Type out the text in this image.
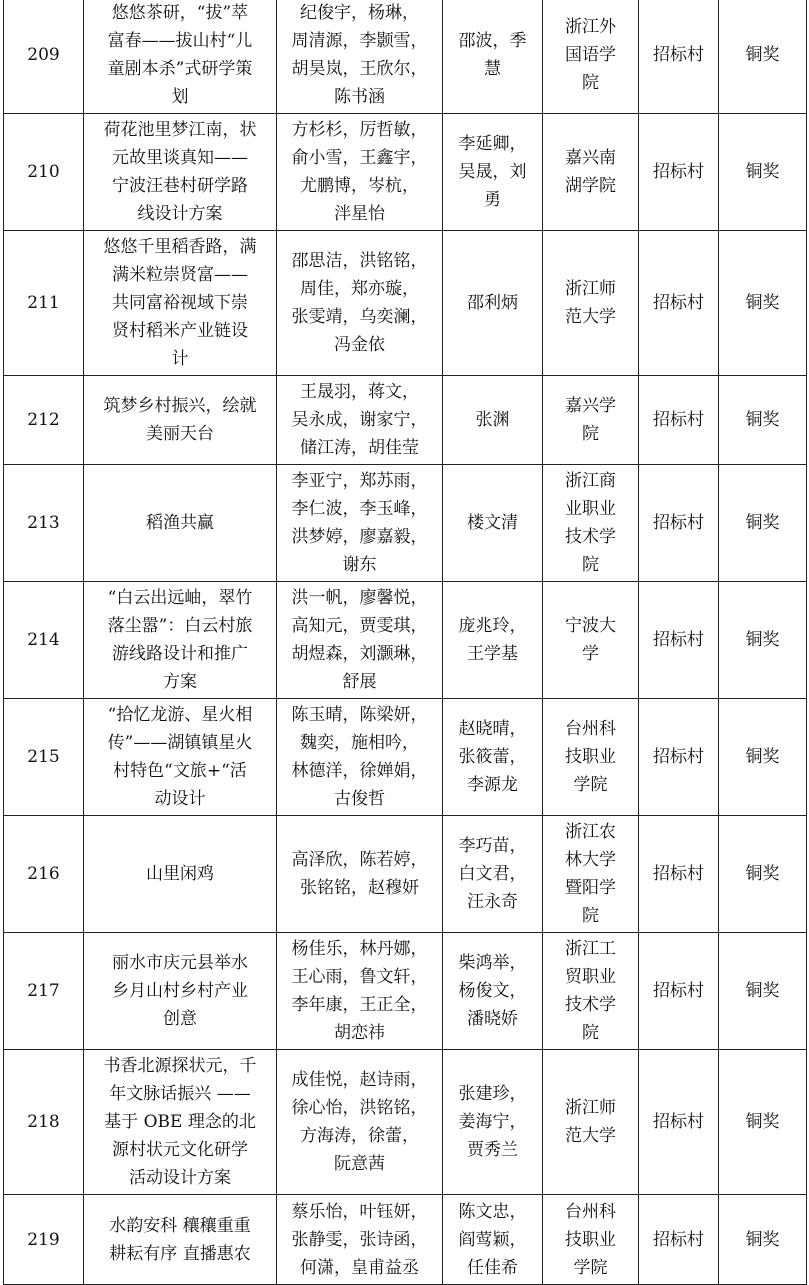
209	悠悠茶研，“拔”萃
富春——拔山村“儿
童剧本杀”式研学策
划	纪俊宇，杨琳，
周清源，李颢雪，
胡昊岚，王欣尔，
陈书涵	邵波，季
慧	浙江外
国语学
院	招标村	铜奖
210	荷花池里梦江南，状
元故里谈真知——
宁波汪巷村研学路
线设计方案	方杉杉，厉哲敏，
俞小雪，王鑫宇，
尤鹏博，岑杭，
泮星怡	李延卿，
吴晟，刘
勇	嘉兴南
湖学院	招标村	铜奖
211	悠悠千里稻香路，满
满米粒崇贤富——
共同富裕视域下崇
贤村稻米产业链设
计	邵思洁，洪铭铭，
周佳，郑亦璇，
张雯靖，乌奕澜，
冯金依	邵利炳	浙江师
范大学	招标村	铜奖
212	筑梦乡村振兴，绘就
美丽天台	王晟羽，蒋文，
吴永成，谢家宁，
储江涛，胡佳莹	张渊	嘉兴学
院	招标村	铜奖
213	稻渔共赢	李亚宁，郑苏雨，
李仁波，李玉峰，
洪梦婷，廖嘉毅，
谢东	楼文清	浙江商
业职业
技术学
院	招标村	铜奖
214	“白云出远岫，翠竹
落尘嚣”：白云村旅
游线路设计和推广
方案	洪一帆，廖馨悦，
高知元，贾雯琪，
胡煜森，刘灏琳，
舒展	庞兆玲，
王学基	宁波大
学	招标村	铜奖
215	“拾忆龙游、星火相
传”——湖镇镇星火
村特色“文旅+“活
动设计	陈玉晴，陈梁妍，
魏奕，施相吟，
林德洋，徐婵娟，
古俊哲	赵晓晴，
张筱蕾，
李源龙	台州科
技职业
学院	招标村	铜奖
216	山里闲鸡	高泽欣，陈若婷，
张铭铭，赵穆妍	李巧苗，
白文君，
汪永奇	浙江农
林大学
暨阳学
院	招标村	铜奖
217	丽水市庆元县举水
乡月山村乡村产业
创意	杨佳乐，林丹娜，
王心雨，鲁文轩，
李年康，王正全，
胡恋祎	柴鸿举，
杨俊文，
潘晓娇	浙江工
贸职业
技术学
院	招标村	铜奖
218	书香北源探状元，千
年文脉话振兴 ——
基于 OBE 理念的北
源村状元文化研学
活动设计方案	成佳悦，赵诗雨，
徐心怡，洪铭铭，
方海涛，徐蕾，
阮意茜	张建珍，
姜海宁，
贾秀兰	浙江师
范大学	招标村	铜奖
219	水韵安科 穰穰重重
耕耘有序 直播惠农	蔡乐怡，叶钰妍，
张静雯，张诗函，
何潇，皇甫益丞	陈文忠，
阎莺颖，
任佳希	台州科
技职业
学院	招标村	铜奖
